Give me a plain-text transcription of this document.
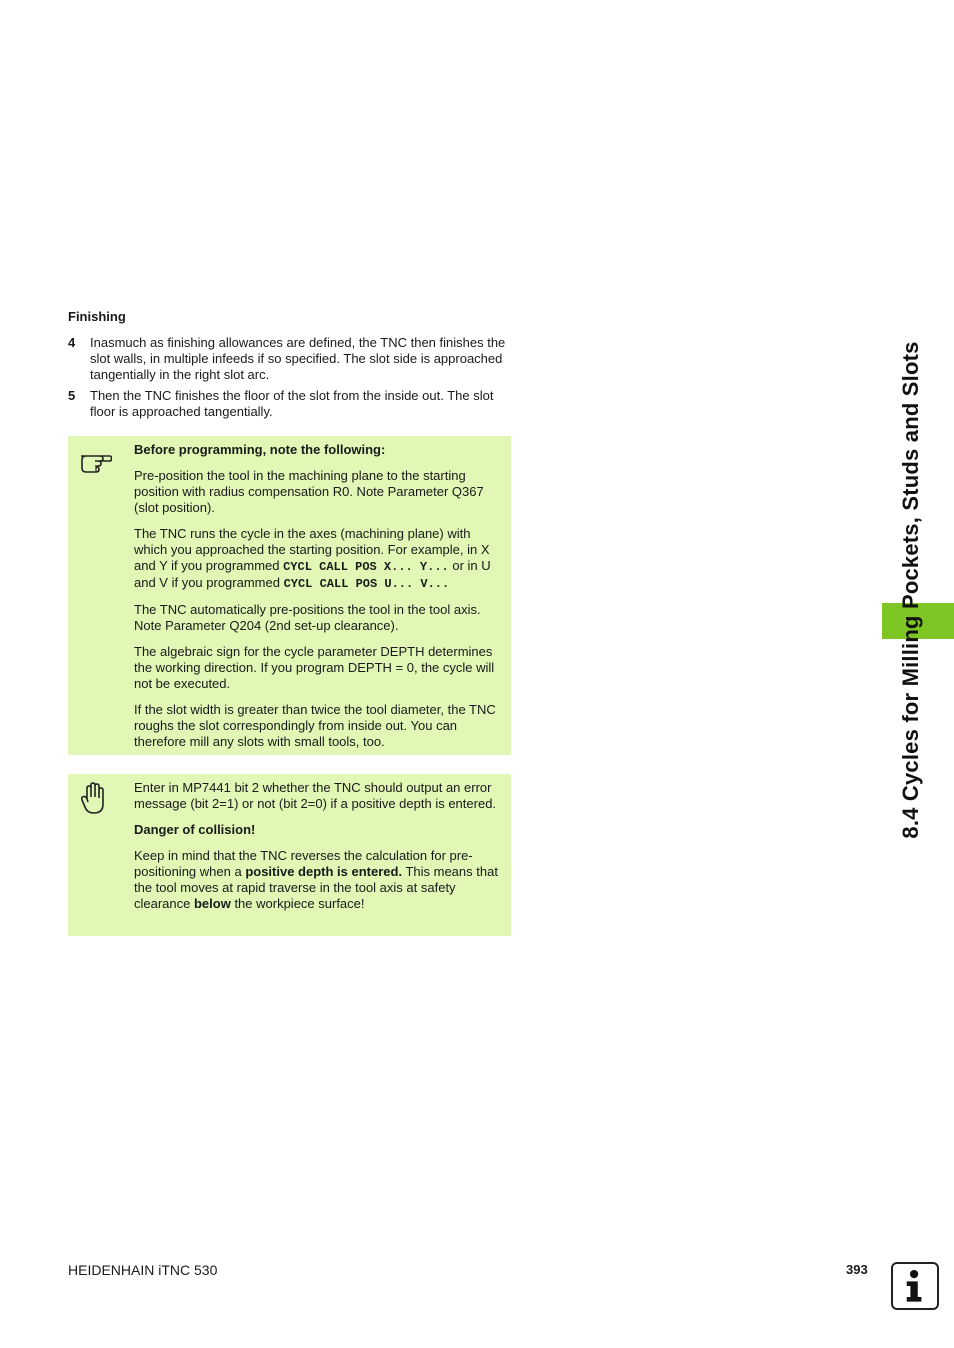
Finishing
4 Inasmuch as finishing allowances are defined, the TNC then finishes the slot walls, in multiple infeeds if so specified. The slot side is approached tangentially in the right slot arc.
5 Then the TNC finishes the floor of the slot from the inside out. The slot floor is approached tangentially.

Before programming, note the following:

Pre-position the tool in the machining plane to the starting position with radius compensation R0. Note Parameter Q367 (slot position).

The TNC runs the cycle in the axes (machining plane) with which you approached the starting position. For example, in X and Y if you programmed CYCL CALL POS X... Y... or in U and V if you programmed CYCL CALL POS U... V...

The TNC automatically pre-positions the tool in the tool axis. Note Parameter Q204 (2nd set-up clearance).

The algebraic sign for the cycle parameter DEPTH determines the working direction. If you program DEPTH = 0, the cycle will not be executed.

If the slot width is greater than twice the tool diameter, the TNC roughs the slot correspondingly from inside out. You can therefore mill any slots with small tools, too.

Enter in MP7441 bit 2 whether the TNC should output an error message (bit 2=1) or not (bit 2=0) if a positive depth is entered.

Danger of collision!

Keep in mind that the TNC reverses the calculation for pre-positioning when a positive depth is entered. This means that the tool moves at rapid traverse in the tool axis at safety clearance below the workpiece surface!

8.4 Cycles for Milling Pockets, Studs and Slots
HEIDENHAIN iTNC 530	393
